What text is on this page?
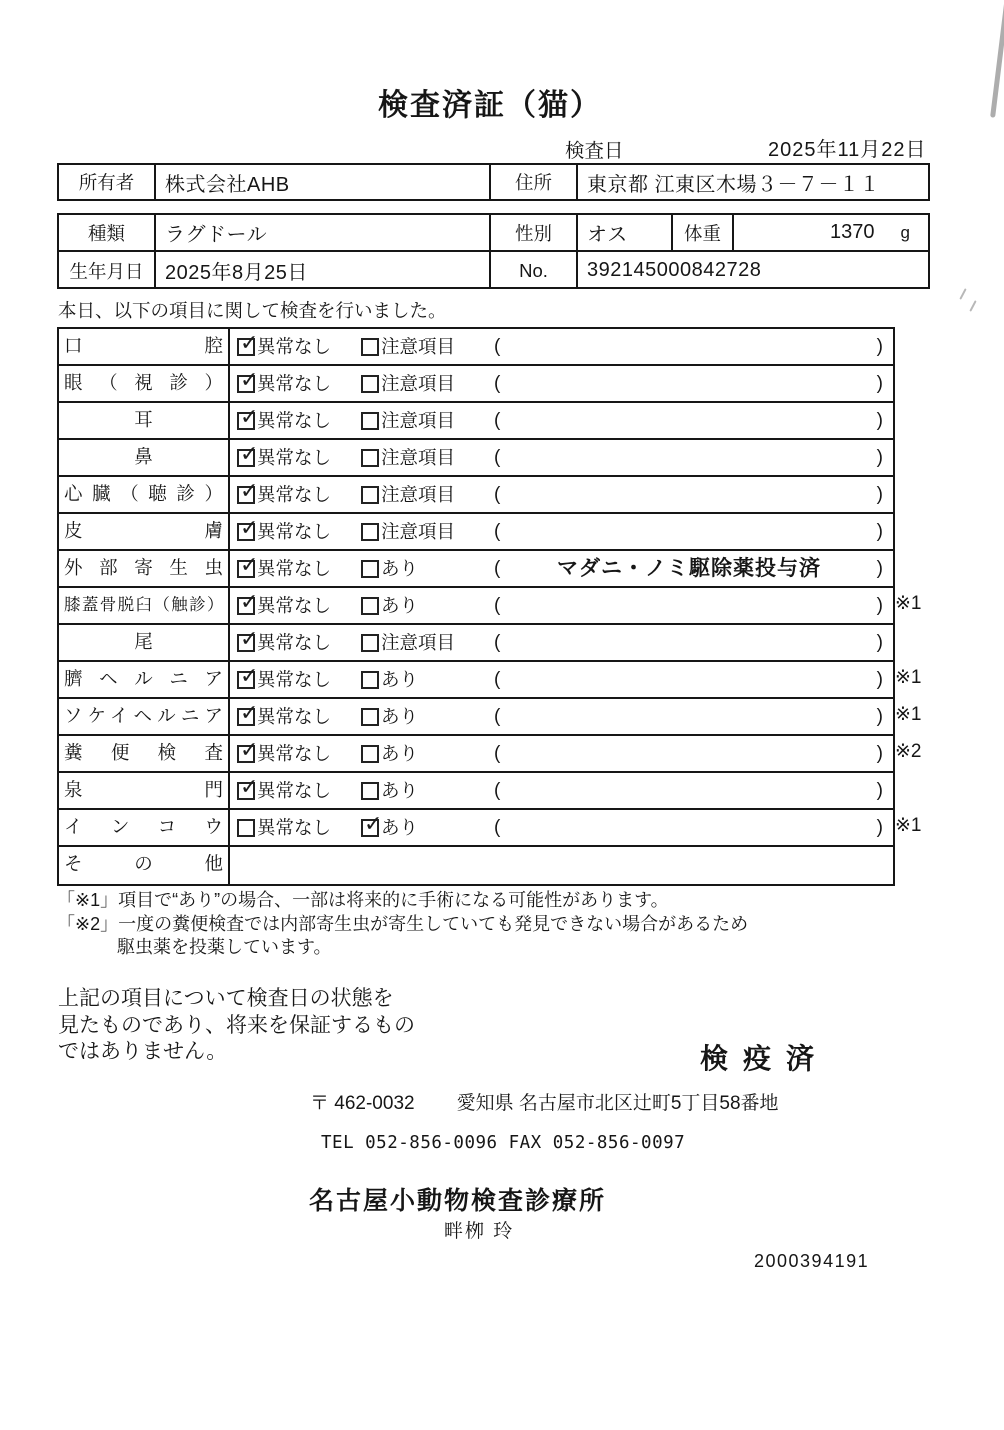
検査済証（猫）
検査日	2025年11月22日
所有者	株式会社AHB	住所	東京都 江東区木場３－７－１１
種類	ラグドール	性別	オス	体重	1370 g
生年月日	2025年8月25日	No.	392145000842728
本日、以下の項目に関して検査を行いました。
口腔 ✓	異常なし	注意項目 (	)
眼（視診） ✓	異常なし	注意項目 (	)
耳 ✓	異常なし	注意項目 (	)
鼻 ✓	異常なし	注意項目 (	)
心臓（聴診） ✓	異常なし	注意項目 (	)
皮膚 ✓	異常なし	注意項目 (	)
外部寄生虫 ✓	異常なし	あり	(	マダニ・ノミ駆除薬投与済	)
膝蓋骨脱臼（触診） ✓	異常なし	あり	(	) ※1
尾 ✓	異常なし	注意項目 (	)
臍ヘルニア ✓	異常なし	あり	(	) ※1
ソケイヘルニア ✓	異常なし	あり	(	) ※1
糞便検査 ✓	異常なし	あり	(	) ※2
泉門 ✓	異常なし	あり	(	)
インコウ	異常なし ✓	あり	(	) ※1
その他
「※1」項目で“あり”の場合、一部は将来的に手術になる可能性があります。
「※2」一度の糞便検査では内部寄生虫が寄生していても発見できない場合があるため
駆虫薬を投薬しています。
上記の項目について検査日の状態を
見たものであり、将来を保証するもの
ではありません。	検疫済
〒 462-0032 愛知県 名古屋市北区辻町5丁目58番地
TEL 052-856-0096 FAX 052-856-0097
名古屋小動物検査診療所
畔栁 玲
2000394191
